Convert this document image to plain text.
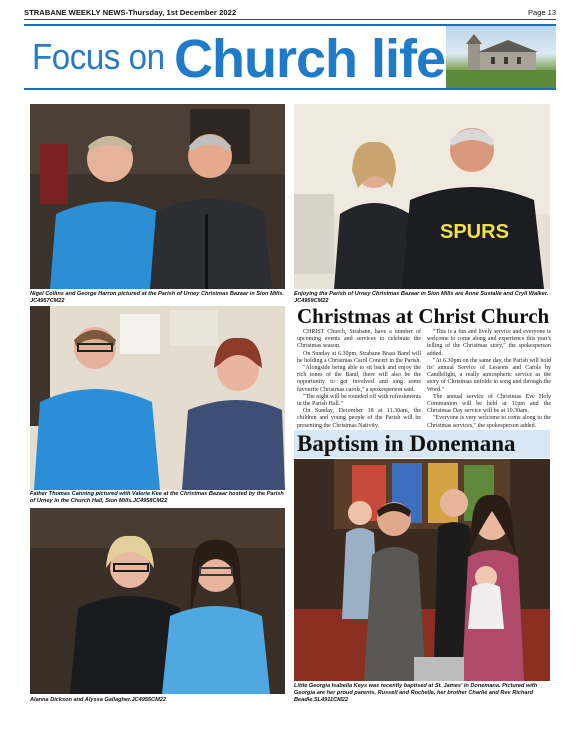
STRABANE WEEKLY NEWS-Thursday, 1st December 2022	Page 13
Focus on Church life
Nigel Collins and George Harron pictured at the Parish of Urney Christmas Bazaar in Sion Mills. JC4957CM22
SPURS
Enjoying the Parish of Urney Christmas Bazaar in Sion Mills are Anne Sustalle and Cryil Walker. JC4959CM22
Father Thomas Canning pictured with Valerie Kee at the Christmas Bazaar hosted by the Parish of Urney in the Church Hall, Sion Mills.JC4958CM22
Alanna Dickson and Alyssa Gallagher.JC4955CM22
Christmas at Christ Church

CHRIST Church, Strabane, have a number of upcoming events and services to celebrate the Christmas season.

On Sunday at 6.30pm, Strabane Brass Band will be holding a Christmas Carol Concert in the Parish.

"Alongside being able to sit back and enjoy the rich tones of the Band, there will also be the opportunity to get involved and sing some favourite Christmas carols," a spokesperson said.

"The night will be rounded off with refreshments in the Parish Hall."

On Sunday, December 18 at 11.30am, the children and young people of the Parish will be presenting the Christmas Nativity.

"This is a fun and lively service and everyone is welcome to come along and experience this year's telling of the Christmas story," the spokesperson added.

"At 6.30pm on the same day, the Parish will hold its' annual Service of Lessons and Carols by Candlelight, a really atmospheric service as the story of Christmas unfolds in song and through the Word."

The annual service of Christmas Eve Holy Communion will be held at 11pm and the Christmas Day service will be at 10.30am.

"Everyone is very welcome to come along to the Christmas services," the spokesperson added.

Baptism in Donemana
Little Georgia Isabella Keys was recently baptised at St. James' in Donemana. Pictured with Georgia are her proud parents, Russell and Rochelle, her brother Charlie and Rev Richard Beadle.SL4911CM22
